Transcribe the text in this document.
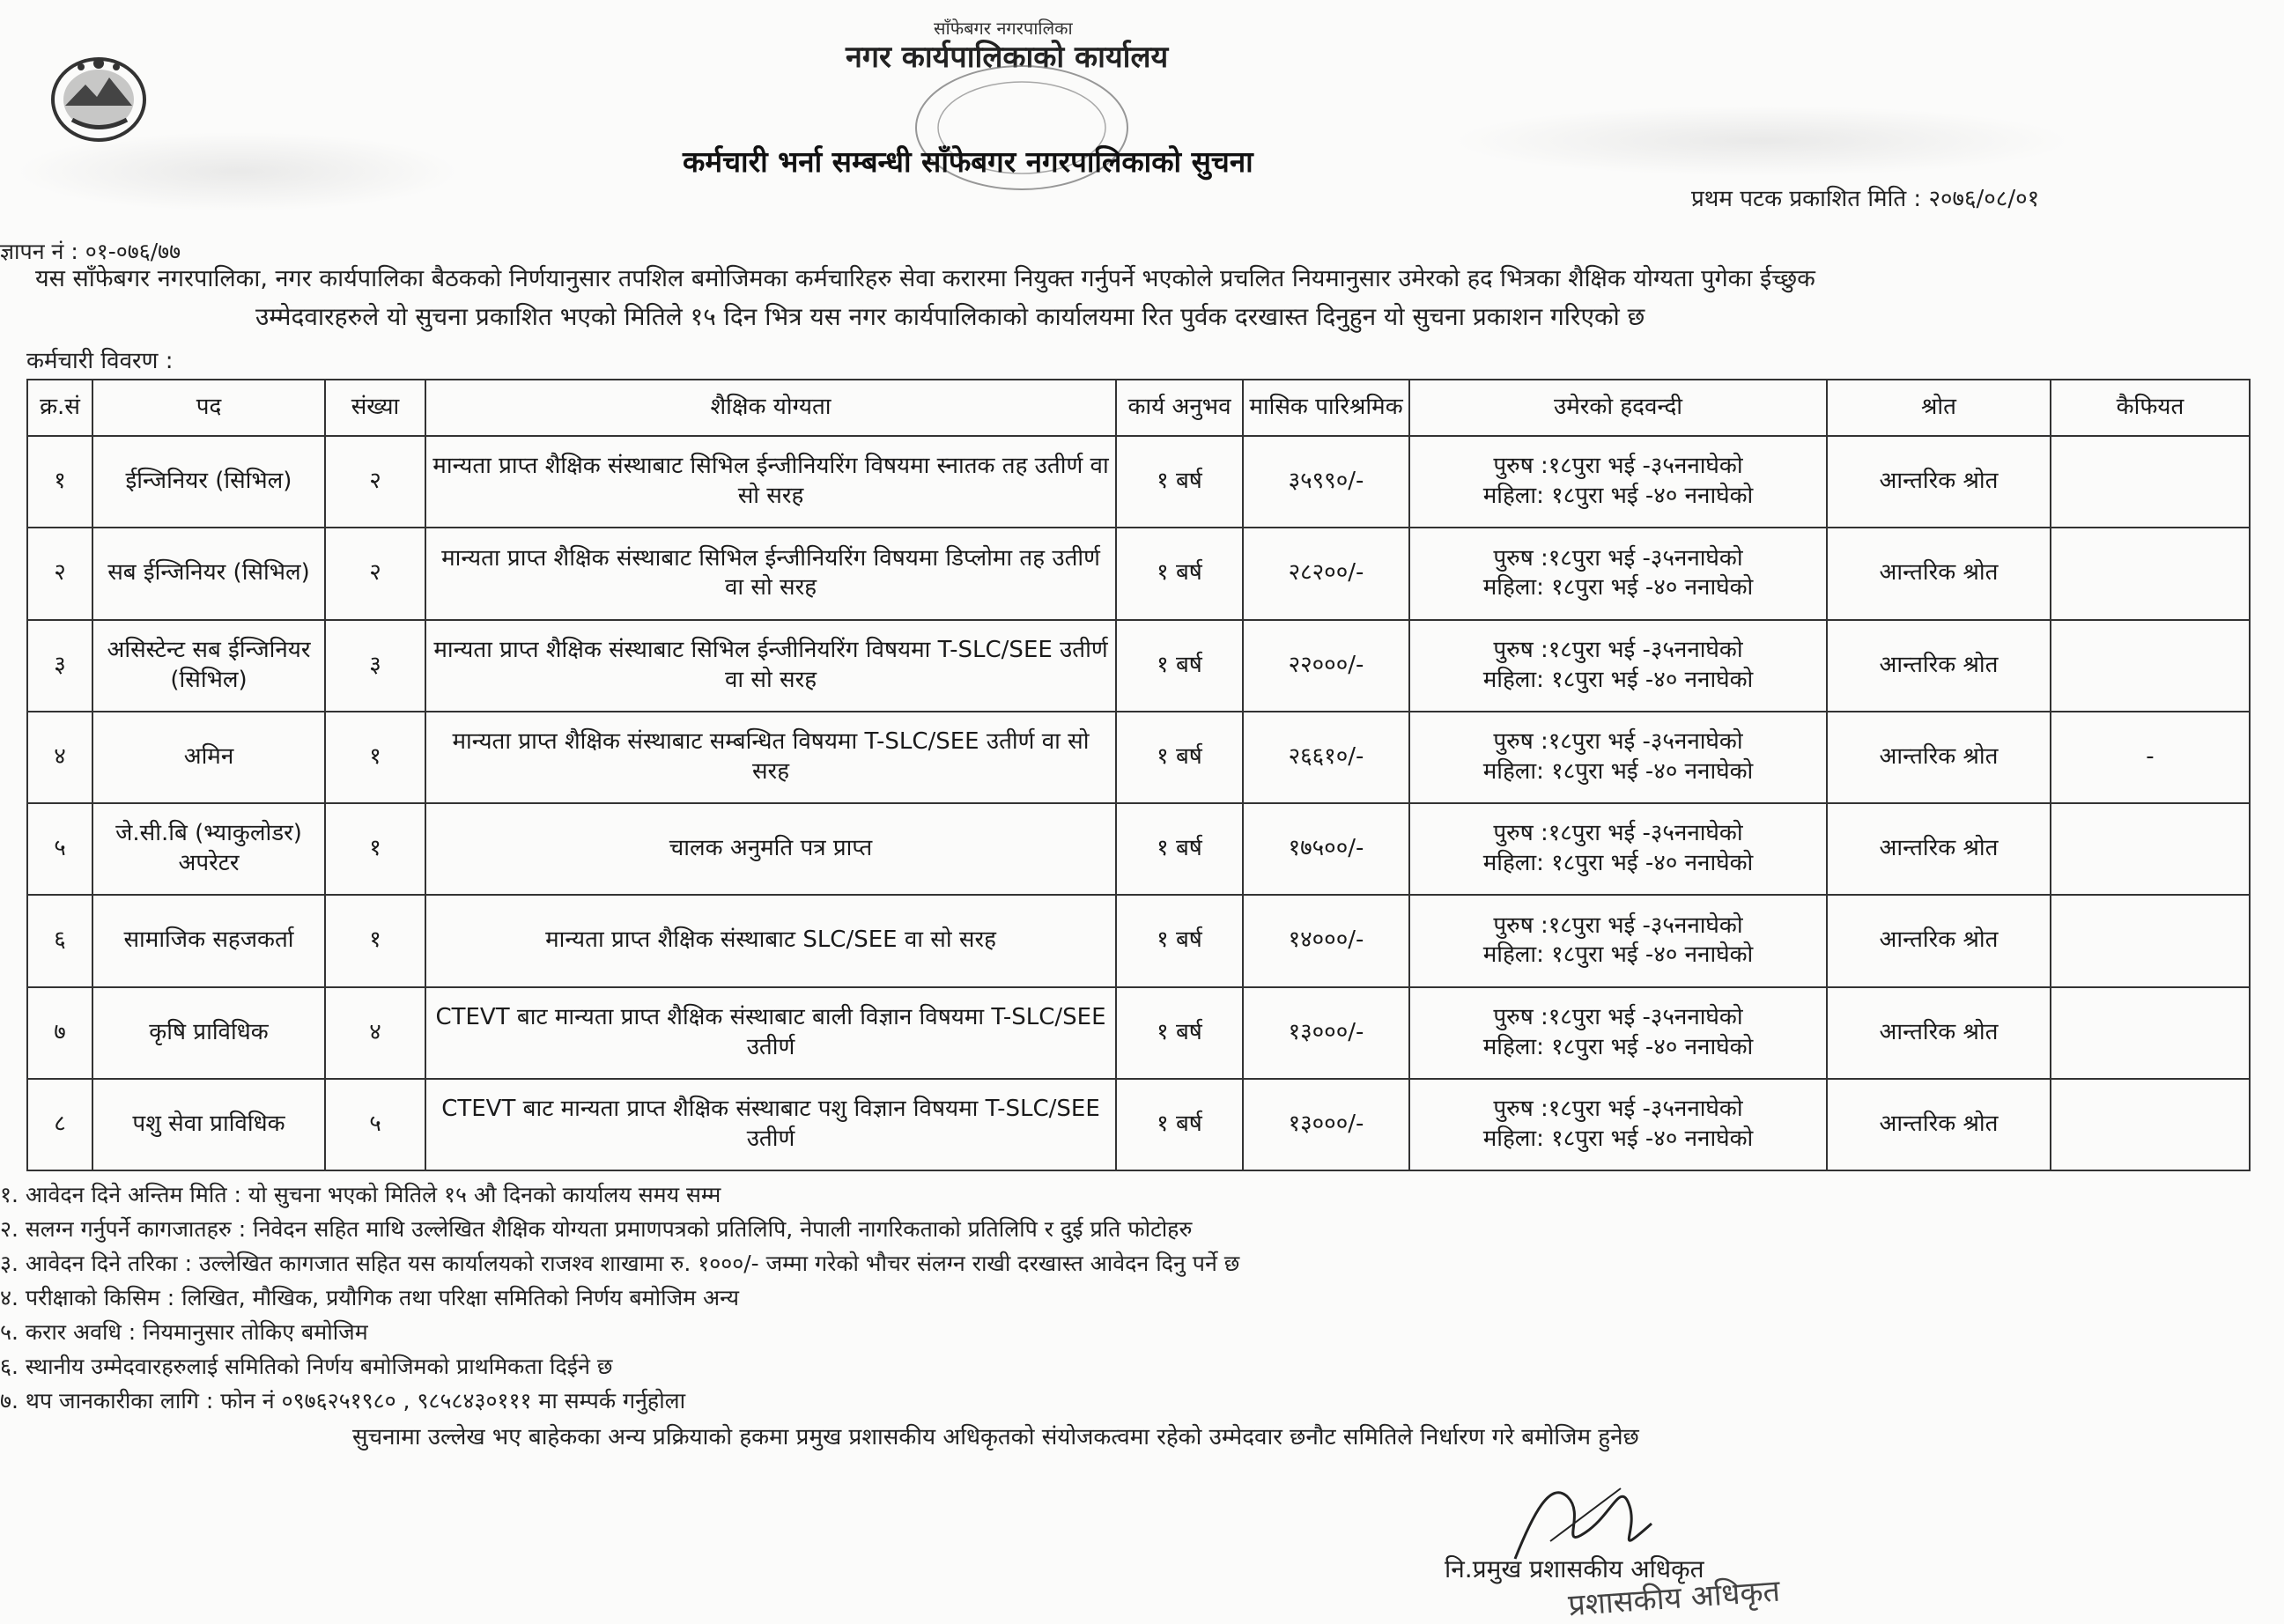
साँफेबगर नगरपालिका
नगर कार्यपालिकाको कार्यालय
कर्मचारी भर्ना सम्बन्धी साँफेबगर नगरपालिकाको सुचना
प्रथम पटक प्रकाशित मिति : २०७६/०८/०१
ज्ञापन नं : ०१-०७६/७७
यस साँफेबगर नगरपालिका, नगर कार्यपालिका बैठकको निर्णयानुसार तपशिल बमोजिमका कर्मचारिहरु सेवा करारमा नियुक्त गर्नुपर्ने भएकोले प्रचलित नियमानुसार उमेरको हद भित्रका शैक्षिक योग्यता पुगेका ईच्छुक
उम्मेदवारहरुले यो सुचना प्रकाशित भएको मितिले १५ दिन भित्र यस नगर कार्यपालिकाको कार्यालयमा रित पुर्वक दरखास्त दिनुहुन यो सुचना प्रकाशन गरिएको छ
कर्मचारी विवरण :
क्र.सं	पद	संख्या	शैक्षिक योग्यता	कार्य अनुभव	मासिक पारिश्रमिक	उमेरको हदवन्दी	श्रोत	कैफियत
१	ईन्जिनियर (सिभिल)	२	मान्यता प्राप्त शैक्षिक संस्थाबाट सिभिल ईन्जीनियरिंग विषयमा स्नातक तह उतीर्ण वा सो सरह	१ बर्ष	३५९९०/-	पुरुष :१८पुरा भई -३५ननाघेको
महिला: १८पुरा भई -४० ननाघेको	आन्तरिक श्रोत	
२	सब ईन्जिनियर (सिभिल)	२	मान्यता प्राप्त शैक्षिक संस्थाबाट सिभिल ईन्जीनियरिंग विषयमा डिप्लोमा तह उतीर्ण वा सो सरह	१ बर्ष	२८२००/-	पुरुष :१८पुरा भई -३५ननाघेको
महिला: १८पुरा भई -४० ननाघेको	आन्तरिक श्रोत	
३	असिस्टेन्ट सब ईन्जिनियर (सिभिल)	३	मान्यता प्राप्त शैक्षिक संस्थाबाट सिभिल ईन्जीनियरिंग विषयमा T-SLC/SEE उतीर्ण वा सो सरह	१ बर्ष	२२०००/-	पुरुष :१८पुरा भई -३५ननाघेको
महिला: १८पुरा भई -४० ननाघेको	आन्तरिक श्रोत	
४	अमिन	१	मान्यता प्राप्त शैक्षिक संस्थाबाट सम्बन्धित विषयमा T-SLC/SEE उतीर्ण वा सो सरह	१ बर्ष	२६६१०/-	पुरुष :१८पुरा भई -३५ननाघेको
महिला: १८पुरा भई -४० ननाघेको	आन्तरिक श्रोत	-
५	जे.सी.बि (भ्याकुलोडर) अपरेटर	१	चालक अनुमति पत्र प्राप्त	१ बर्ष	१७५००/-	पुरुष :१८पुरा भई -३५ननाघेको
महिला: १८पुरा भई -४० ननाघेको	आन्तरिक श्रोत	
६	सामाजिक सहजकर्ता	१	मान्यता प्राप्त शैक्षिक संस्थाबाट SLC/SEE वा सो सरह	१ बर्ष	१४०००/-	पुरुष :१८पुरा भई -३५ननाघेको
महिला: १८पुरा भई -४० ननाघेको	आन्तरिक श्रोत	
७	कृषि प्राविधिक	४	CTEVT बाट मान्यता प्राप्त शैक्षिक संस्थाबाट बाली विज्ञान विषयमा T-SLC/SEE उतीर्ण	१ बर्ष	१३०००/-	पुरुष :१८पुरा भई -३५ननाघेको
महिला: १८पुरा भई -४० ननाघेको	आन्तरिक श्रोत	
८	पशु सेवा प्राविधिक	५	CTEVT बाट मान्यता प्राप्त शैक्षिक संस्थाबाट पशु विज्ञान विषयमा T-SLC/SEE उतीर्ण	१ बर्ष	१३०००/-	पुरुष :१८पुरा भई -३५ननाघेको
महिला: १८पुरा भई -४० ननाघेको	आन्तरिक श्रोत	
१. आवेदन दिने अन्तिम मिति : यो सुचना भएको मितिले १५ औ दिनको कार्यालय समय सम्म
२. सलग्न गर्नुपर्ने कागजातहरु : निवेदन सहित माथि उल्लेखित शैक्षिक योग्यता प्रमाणपत्रको प्रतिलिपि, नेपाली नागरिकताको प्रतिलिपि र दुई प्रति फोटोहरु
३. आवेदन दिने तरिका : उल्लेखित कागजात सहित यस कार्यालयको राजश्व शाखामा रु. १०००/- जम्मा गरेको भौचर संलग्न राखी दरखास्त आवेदन दिनु पर्ने छ
४. परीक्षाको किसिम : लिखित, मौखिक, प्रयौगिक तथा परिक्षा समितिको निर्णय बमोजिम अन्य
५. करार अवधि : नियमानुसार तोकिए बमोजिम
६. स्थानीय उम्मेदवारहरुलाई समितिको निर्णय बमोजिमको प्राथमिकता दिईने छ
७. थप जानकारीका लागि : फोन नं ०९७६२५१९८० , ९८५८४३०१११ मा सम्पर्क गर्नुहोला
सुचनामा उल्लेख भए बाहेकका अन्य प्रक्रियाको हकमा प्रमुख प्रशासकीय अधिकृतको संयोजकत्वमा रहेको उम्मेदवार छनौट समितिले निर्धारण गरे बमोजिम हुनेछ
नि.प्रमुख प्रशासकीय अधिकृत
प्रशासकीय अधिकृत
